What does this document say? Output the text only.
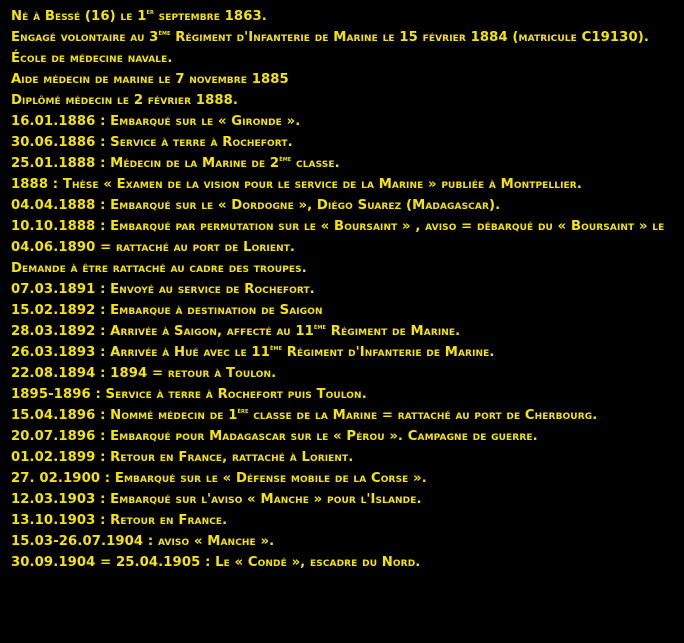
Né à Bessé (16) le 1er septembre 1863.
Engagé volontaire au 3ème Régiment d'Infanterie de Marine le 15 février 1884 (matricule C19130).
École de médecine navale.
Aide médecin de marine le 7 novembre 1885
Diplômé médecin le 2 février 1888.
16.01.1886 : Embarqué sur le « Gironde ».
30.06.1886 : Service à terre à Rochefort.
25.01.1888 : Médecin de la Marine de 2ème classe.
1888 : Thèse « Examen de la vision pour le service de la Marine » publiée à Montpellier.
04.04.1888 : Embarqué sur le « Dordogne », Diégo Suarez (Madagascar).
10.10.1888 : Embarqué par permutation sur le « Boursaint » , aviso = débarqué du « Boursaint » le 04.06.1890 = rattaché au port de Lorient.
Demande à être rattaché au cadre des troupes.
07.03.1891 : Envoyé au service de Rochefort.
15.02.1892 : Embarque à destination de Saigon
28.03.1892 : Arrivée à Saigon, affecté au 11ème Régiment de Marine.
26.03.1893 : Arrivée à Hué avec le 11ème Régiment d'Infanterie de Marine.
22.08.1894 : 1894 = retour à Toulon.
1895-1896 : Service à terre à Rochefort puis Toulon.
15.04.1896 : Nommé médecin de 1ère classe de la Marine = rattaché au port de Cherbourg.
20.07.1896 : Embarqué pour Madagascar sur le « Pérou ». Campagne de guerre.
01.02.1899 : Retour en France, rattaché à Lorient.
27. 02.1900 : Embarqué sur le « Défense mobile de la Corse ».
12.03.1903 : Embarqué sur l'aviso « Manche » pour l'Islande.
13.10.1903 : Retour en France.
15.03-26.07.1904 : aviso « Manche ».
30.09.1904 = 25.04.1905 : Le « Condé », escadre du Nord.
